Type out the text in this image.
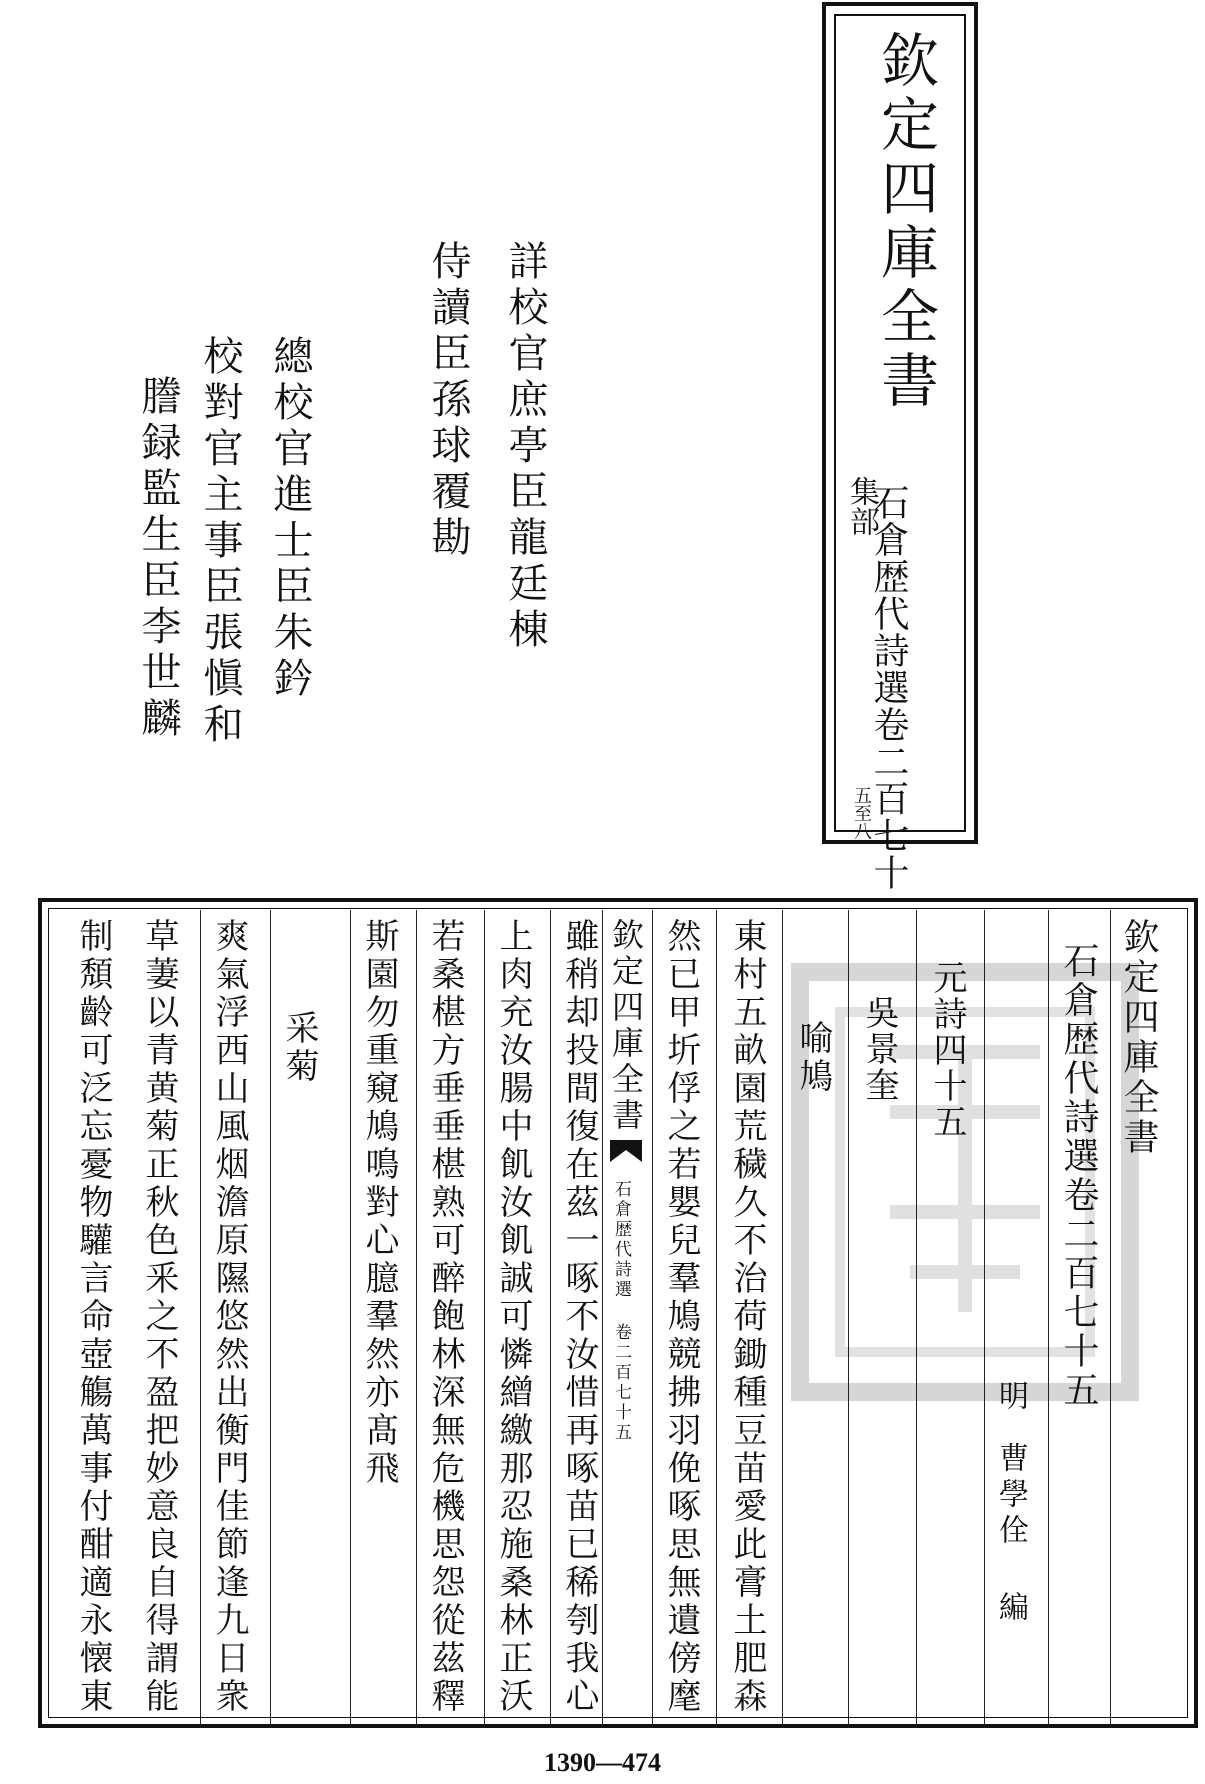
欽定四庫全書
集部
石倉歴代詩選卷二百七十
五至八
詳校官庶𠅘臣龍廷棟
侍讀臣孫球覆勘
總校官進士臣朱鈐
校對官主事臣張愼和
謄録監生臣李世麟
欽定四庫全書
石倉歴代詩選卷二百七十五
明
曹學佺 編
元詩四十五
吳景奎
喻鳩
東村五畝園荒穢久不治荷鋤種豆苗愛此膏土肥森
然已甲圻俘之若嬰兒羣鳩競拂羽俛啄思無遺傍麾
欽定四庫全書
石倉歴代詩選 卷二百七十五
雖稍却投間復在茲一啄不汝惜再啄苗已稀刳我心
上肉充汝腸中飢汝飢誠可憐繒繳那忍施桑林正沃
若桑椹方垂垂椹熟可醉飽林深無危機思怨從茲釋
斯園勿重窺鳩鳴對心臆羣然亦髙飛
采菊
爽氣浮西山風烟澹原隰悠然出衡門佳節逢九日衆
草萋以青黄菊正秋色釆之不盈把妙意良自得謂能
制頽齡可泛忘憂物驩言命壺觴萬事付酣適永懐東
1390—474
